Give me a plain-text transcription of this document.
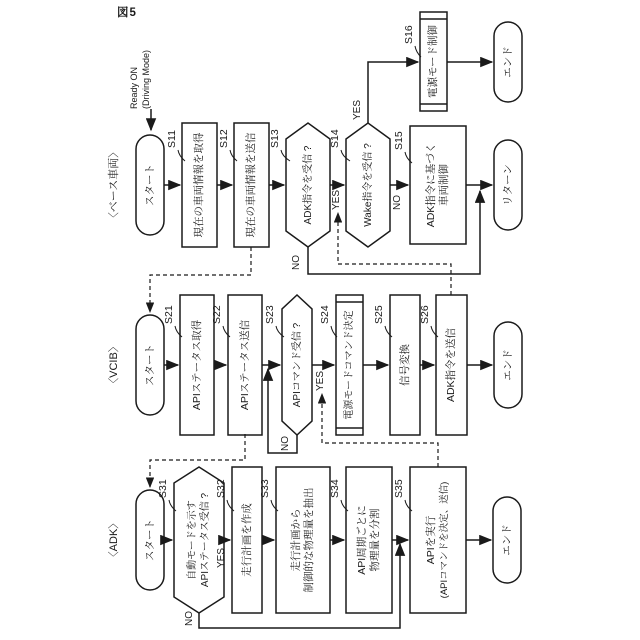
図5
〈ベース車両〉	スタート
Ready ON (Driving Mode)
現在の車両情報を取得
S11	現在の車両情報を送信
S12
ADK指令を受信 ?
S13
NO
YES	Wake指令を受信 ?
S14
YES
NO ADK指令に基づく 車両制御
S15
電源モード制御
S16
エンド
リターン
〈VCIB〉	スタート	APIステータス取得
S21
APIステータス送信
S22
APIコマンド受信 ?
S23
NO
YES	電源モードコマンド決定
S24
信号変換
S25
ADK指令を送信
S26
エンド
〈ADK〉	スタート	自動モードを示す APIステータス受信 ?
S31
YES
NO
走行計画を作成
S32
走行計画から 制御的な物理量を抽出
S33
API周期ごとに 物理量を分割
S34
APIを実行 (APIコマンドを決定、送信)
S35
エンド
